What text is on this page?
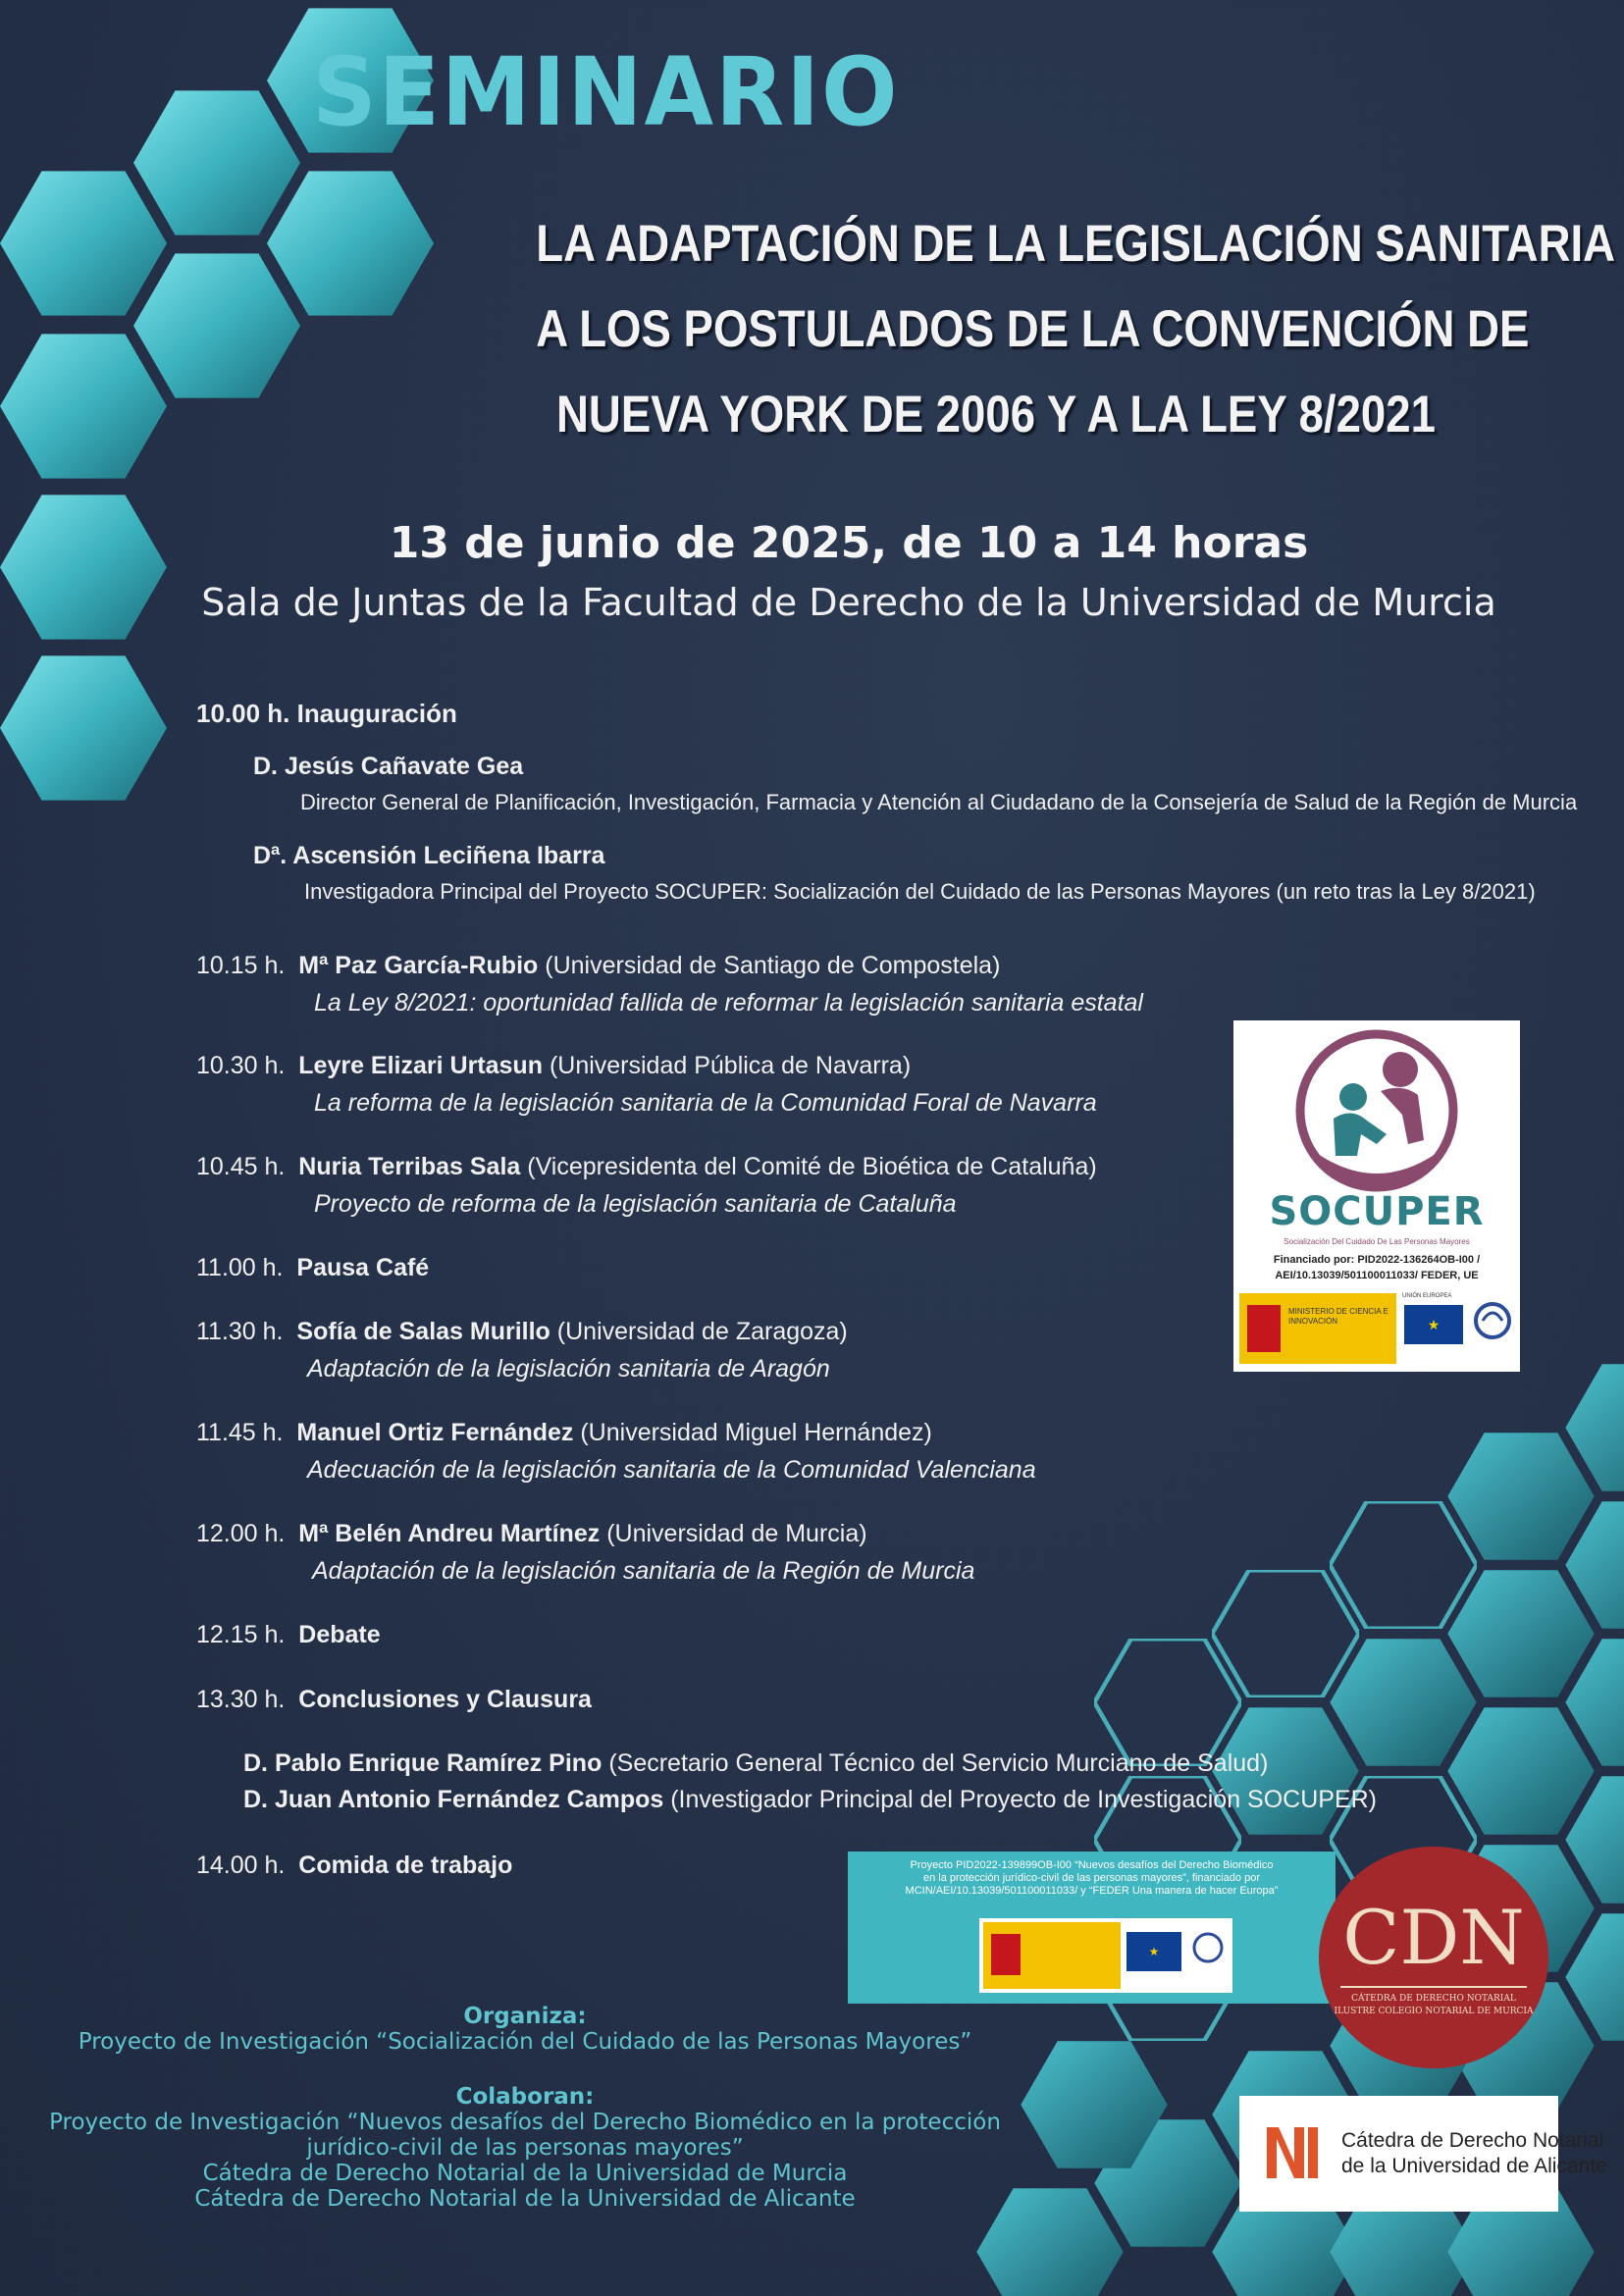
SEMINARIO
LA ADAPTACIÓN DE LA LEGISLACIÓN SANITARIA
A LOS POSTULADOS DE LA CONVENCIÓN DE
NUEVA YORK DE 2006 Y A LA LEY 8/2021
13 de junio de 2025, de 10 a 14 horas
Sala de Juntas de la Facultad de Derecho de la Universidad de Murcia
10.00 h. Inauguración
D. Jesús Cañavate Gea
Director General de Planificación, Investigación, Farmacia y Atención al Ciudadano de la Consejería de Salud de la Región de Murcia
Dª. Ascensión Leciñena Ibarra
Investigadora Principal del Proyecto SOCUPER: Socialización del Cuidado de las Personas Mayores (un reto tras la Ley 8/2021)
10.15 h. Mª Paz García-Rubio (Universidad de Santiago de Compostela)
La Ley 8/2021: oportunidad fallida de reformar la legislación sanitaria estatal
10.30 h. Leyre Elizari Urtasun (Universidad Pública de Navarra)
La reforma de la legislación sanitaria de la Comunidad Foral de Navarra
10.45 h. Nuria Terribas Sala (Vicepresidenta del Comité de Bioética de Cataluña)
Proyecto de reforma de la legislación sanitaria de Cataluña
11.00 h. Pausa Café
11.30 h. Sofía de Salas Murillo (Universidad de Zaragoza)
Adaptación de la legislación sanitaria de Aragón
11.45 h. Manuel Ortiz Fernández (Universidad Miguel Hernández)
Adecuación de la legislación sanitaria de la Comunidad Valenciana
12.00 h. Mª Belén Andreu Martínez (Universidad de Murcia)
Adaptación de la legislación sanitaria de la Región de Murcia
12.15 h. Debate
13.30 h. Conclusiones y Clausura
D. Pablo Enrique Ramírez Pino (Secretario General Técnico del Servicio Murciano de Salud)
D. Juan Antonio Fernández Campos (Investigador Principal del Proyecto de Investigación SOCUPER)
14.00 h. Comida de trabajo
SOCUPER
Socialización Del Cuidado De Las Personas Mayores
Financiado por: PID2022-136264OB-I00 /
AEI/10.13039/501100011033/ FEDER, UE
MINISTERIO DE CIENCIA E INNOVACIÓN
UNIÓN EUROPEA
★
Proyecto PID2022-139899OB-I00 “Nuevos desafíos del Derecho Biomédico
en la protección jurídico-civil de las personas mayores”, financiado por
MCIN/AEI/10.13039/501100011033/ y “FEDER Una manera de hacer Europa”
★	CDN
CÁTEDRA DE DERECHO NOTARIAL
ILUSTRE COLEGIO NOTARIAL DE MURCIA
Cátedra de Derecho Notarial
de la Universidad de Alicante
Organiza:
Proyecto de Investigación “Socialización del Cuidado de las Personas Mayores”
Colaboran:
Proyecto de Investigación “Nuevos desafíos del Derecho Biomédico en la protección
jurídico-civil de las personas mayores”
Cátedra de Derecho Notarial de la Universidad de Murcia
Cátedra de Derecho Notarial de la Universidad de Alicante
